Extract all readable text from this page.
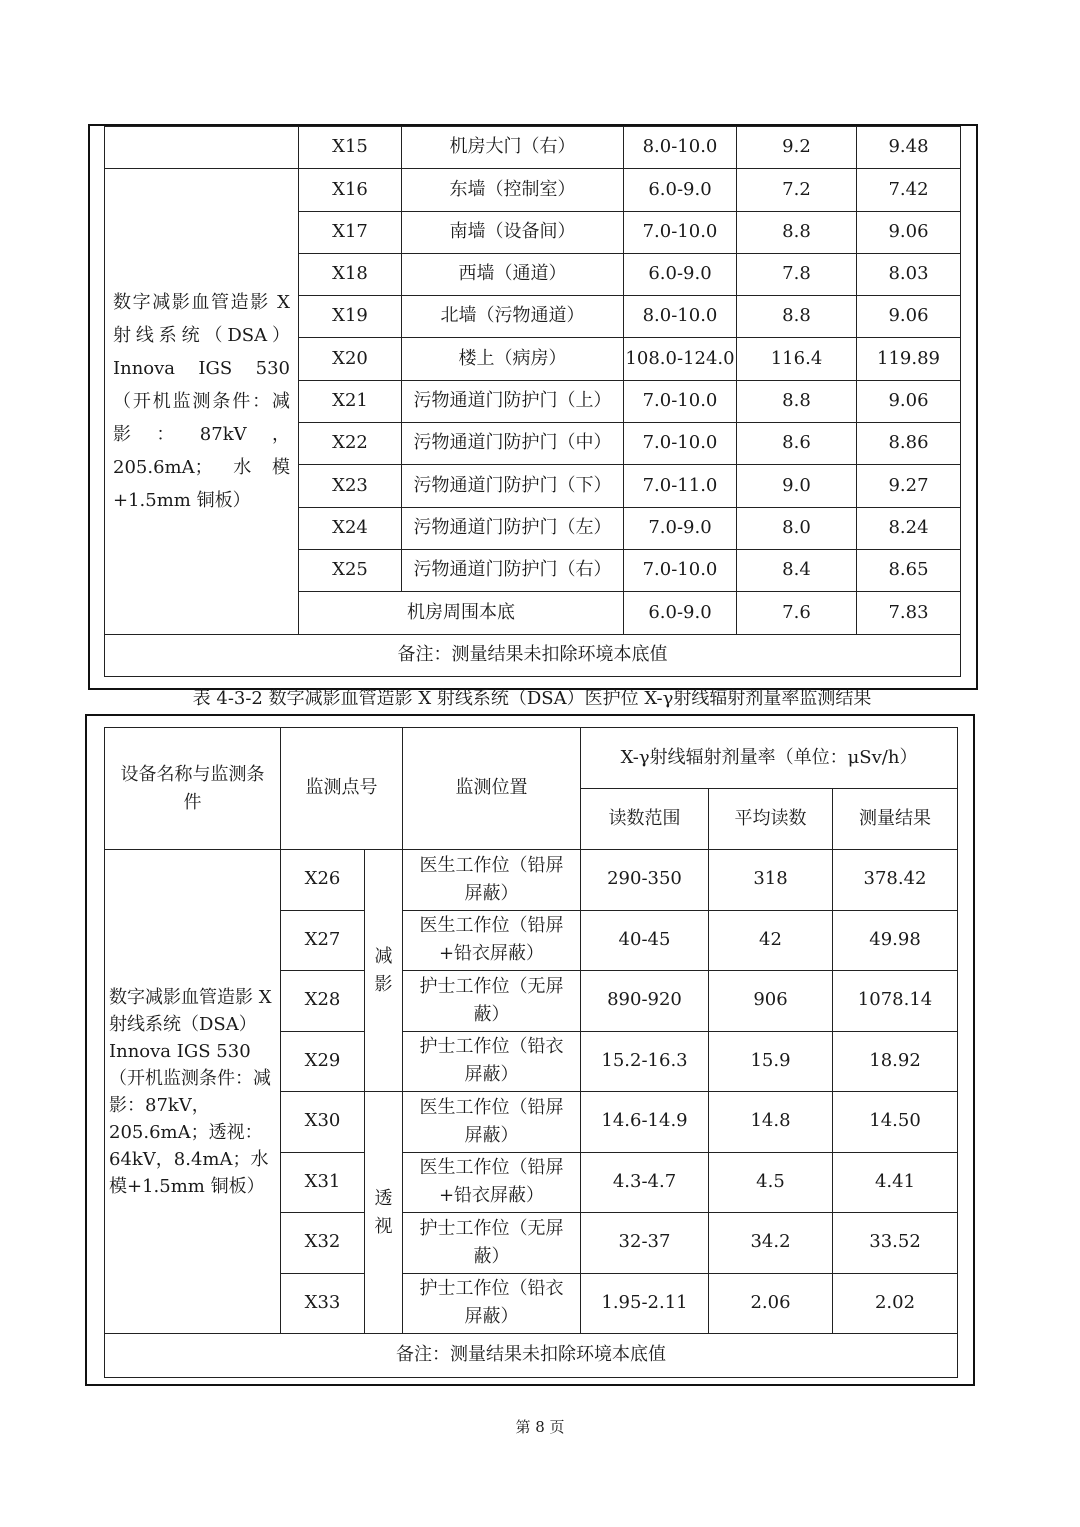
	X15	机房大门（右）	8.0-10.0	9.2	9.48
数字减影血管造影 X 射线系统（DSA）Innova IGS 530（开机监测条件：减影：87kV，205.6mA；水模+1.5mm 铜板）	X16	东墙（控制室）	6.0-9.0	7.2	7.42
	X17	南墙（设备间）	7.0-10.0	8.8	9.06
	X18	西墙（通道）	6.0-9.0	7.8	8.03
	X19	北墙（污物通道）	8.0-10.0	8.8	9.06
	X20	楼上（病房）	108.0-124.0	116.4	119.89
	X21	污物通道门防护门（上）	7.0-10.0	8.8	9.06
	X22	污物通道门防护门（中）	7.0-10.0	8.6	8.86
	X23	污物通道门防护门（下）	7.0-11.0	9.0	9.27
	X24	污物通道门防护门（左）	7.0-9.0	8.0	8.24
	X25	污物通道门防护门（右）	7.0-10.0	8.4	8.65
	机房周围本底		6.0-9.0	7.6	7.83
备注：测量结果未扣除环境本底值					
表 4-3-2 数字减影血管造影 X 射线系统（DSA）医护位 X-γ射线辐射剂量率监测结果
设备名称与监测条件	监测点号		监测位置	X-γ射线辐射剂量率（单位：μSv/h）		
				读数范围	平均读数	测量结果
数字减影血管造影 X 射线系统（DSA）Innova IGS 530（开机监测条件：减影：87kV，205.6mA；透视：64kV，8.4mA；水模+1.5mm 铜板）	X26	减影	医生工作位（铅屏屏蔽）	290-350	318	378.42
	X27		医生工作位（铅屏+铅衣屏蔽）	40-45	42	49.98
	X28		护士工作位（无屏蔽）	890-920	906	1078.14
	X29		护士工作位（铅衣屏蔽）	15.2-16.3	15.9	18.92
	X30	透视	医生工作位（铅屏屏蔽）	14.6-14.9	14.8	14.50
	X31		医生工作位（铅屏+铅衣屏蔽）	4.3-4.7	4.5	4.41
	X32		护士工作位（无屏蔽）	32-37	34.2	33.52
	X33		护士工作位（铅衣屏蔽）	1.95-2.11	2.06	2.02
备注：测量结果未扣除环境本底值						
第 8 页
